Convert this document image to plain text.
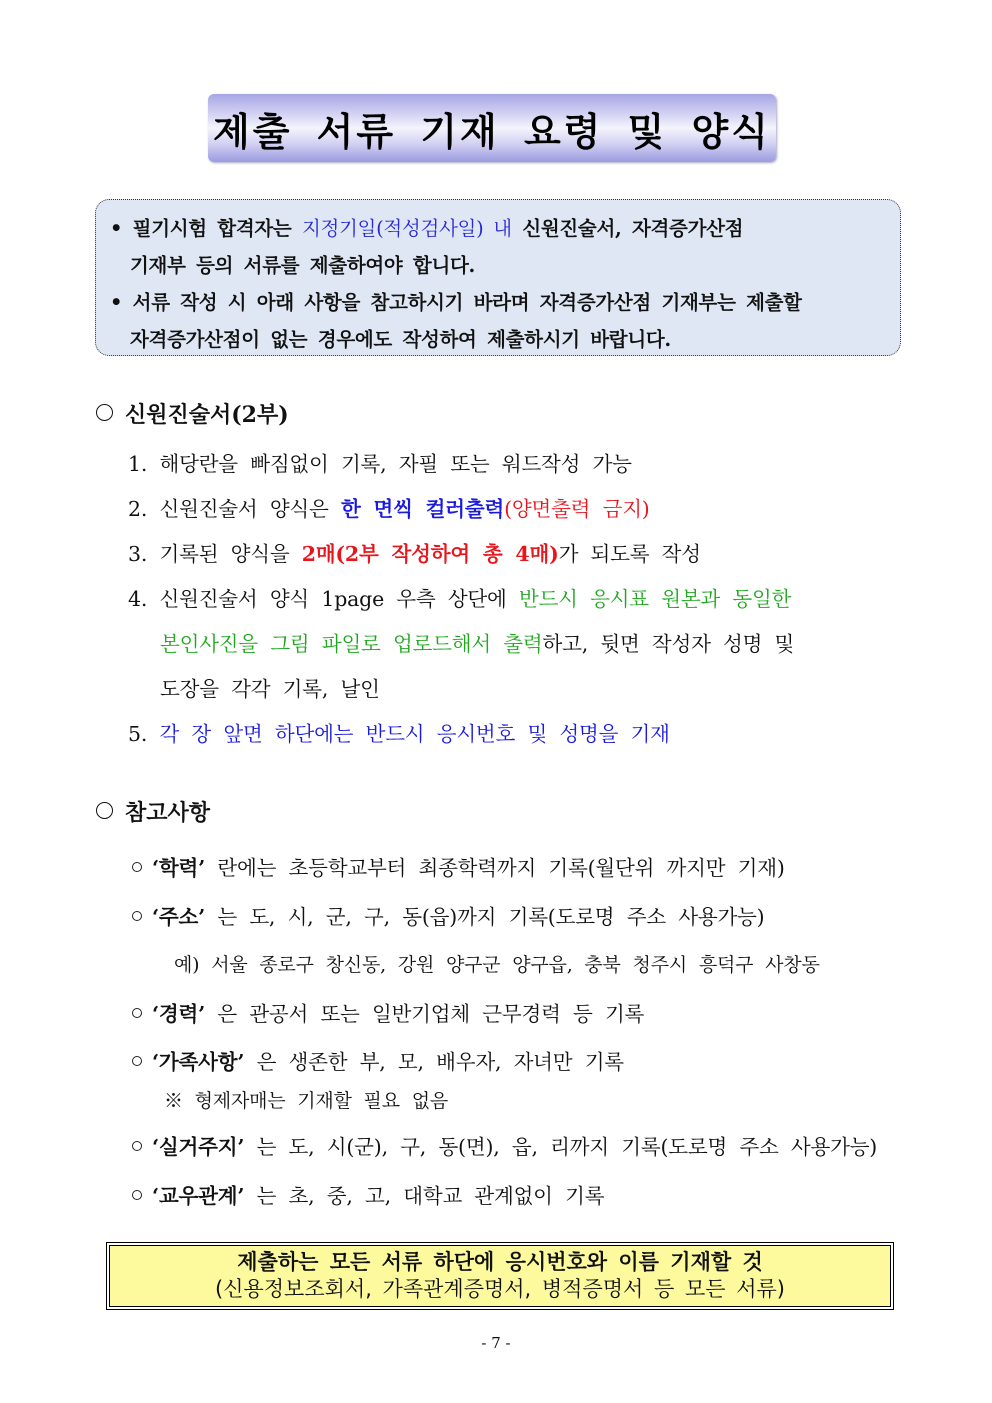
제출 서류 기재 요령 및 양식
• 필기시험 합격자는 지정기일(적성검사일) 내 신원진술서, 자격증가산점
기재부 등의 서류를 제출하여야 합니다.
• 서류 작성 시 아래 사항을 참고하시기 바라며 자격증가산점 기재부는 제출할
자격증가산점이 없는 경우에도 작성하여 제출하시기 바랍니다.
신원진술서(2부)
1. 해당란을 빠짐없이 기록, 자필 또는 워드작성 가능
2. 신원진술서 양식은 한 면씩 컬러출력(양면출력 금지)
3. 기록된 양식을 2매(2부 작성하여 총 4매)가 되도록 작성
4. 신원진술서 양식 1page 우측 상단에 반드시 응시표 원본과 동일한
본인사진을 그림 파일로 업로드해서 출력하고, 뒷면 작성자 성명 및
도장을 각각 기록, 날인
5. 각 장 앞면 하단에는 반드시 응시번호 및 성명을 기재
참고사항
‘학력’ 란에는 초등학교부터 최종학력까지 기록(월단위 까지만 기재)
‘주소’ 는 도, 시, 군, 구, 동(읍)까지 기록(도로명 주소 사용가능)
예) 서울 종로구 창신동, 강원 양구군 양구읍, 충북 청주시 흥덕구 사창동
‘경력’ 은 관공서 또는 일반기업체 근무경력 등 기록
‘가족사항’ 은 생존한 부, 모, 배우자, 자녀만 기록
※ 형제자매는 기재할 필요 없음
‘실거주지’ 는 도, 시(군), 구, 동(면), 읍, 리까지 기록(도로명 주소 사용가능)
‘교우관계’ 는 초, 중, 고, 대학교 관계없이 기록
제출하는 모든 서류 하단에 응시번호와 이름 기재할 것
(신용정보조회서, 가족관계증명서, 병적증명서 등 모든 서류)
- 7 -
